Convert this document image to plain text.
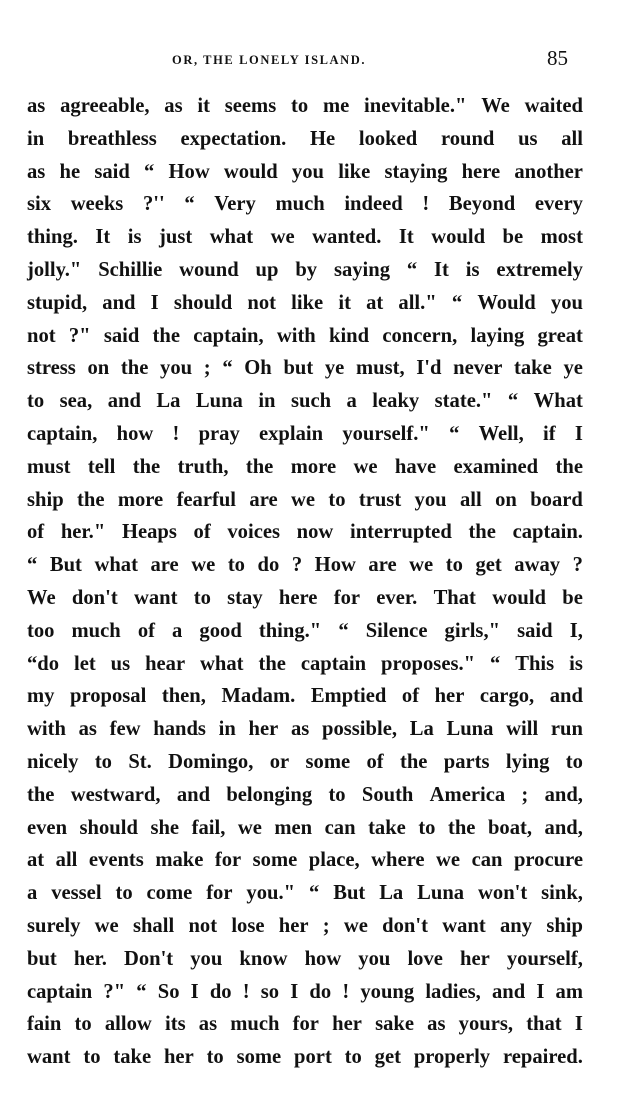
OR, THE LONELY ISLAND.	85
as agreeable, as it seems to me inevitable." We waited
in breathless expectation. He looked round us all
as he said “ How would you like staying here another
six weeks ?'' “ Very much indeed ! Beyond every
thing. It is just what we wanted. It would be most
jolly." Schillie wound up by saying “ It is extremely
stupid, and I should not like it at all." “ Would you
not ?" said the captain, with kind concern, laying great
stress on the you ; “ Oh but ye must, I'd never take ye
to sea, and La Luna in such a leaky state." “ What
captain, how ! pray explain yourself." “ Well, if I
must tell the truth, the more we have examined the
ship the more fearful are we to trust you all on board
of her." Heaps of voices now interrupted the captain.
“ But what are we to do ? How are we to get away ?
We don't want to stay here for ever. That would be
too much of a good thing." “ Silence girls," said I,
“do let us hear what the captain proposes." “ This is
my proposal then, Madam. Emptied of her cargo, and
with as few hands in her as possible, La Luna will run
nicely to St. Domingo, or some of the parts lying to
the westward, and belonging to South America ; and,
even should she fail, we men can take to the boat, and,
at all events make for some place, where we can procure
a vessel to come for you." “ But La Luna won't sink,
surely we shall not lose her ; we don't want any ship
but her. Don't you know how you love her yourself,
captain ?" “ So I do ! so I do ! young ladies, and I am
fain to allow its as much for her sake as yours, that I
want to take her to some port to get properly repaired.
